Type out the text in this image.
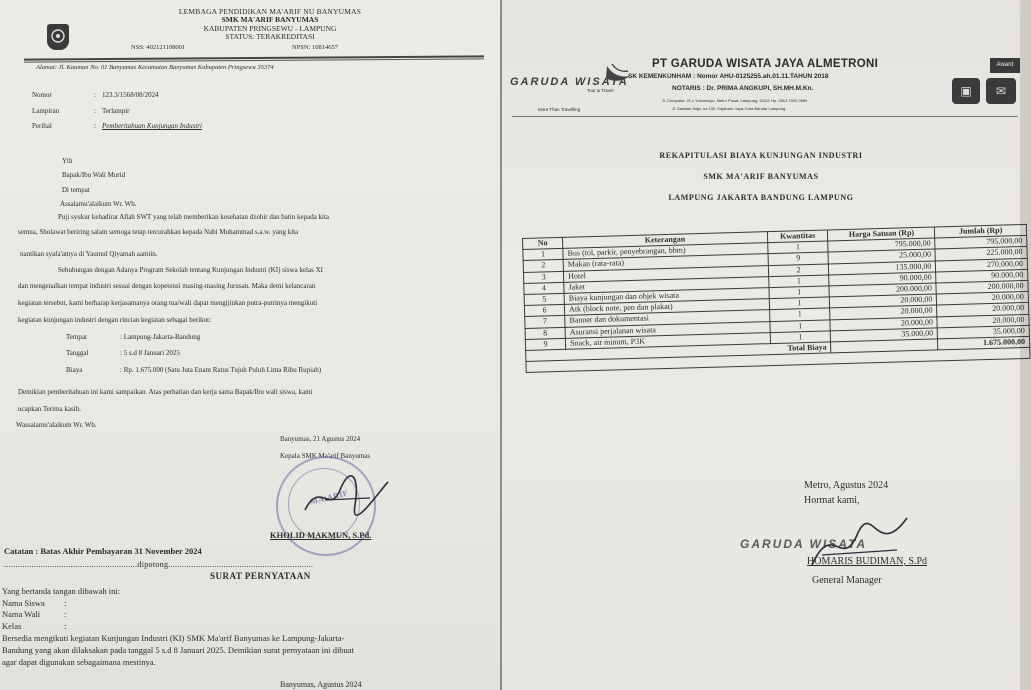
LEMBAGA PENDIDIKAN MA'ARIF NU BANYUMAS
SMK MA'ARIF BANYUMAS
KABUPATEN PRINGSEWU - LAMPUNG
STATUS: TERAKREDITASI
NSS: 402121108001	NPSN: 10814657
Alamat: Jl. Kauman No. 01 Banyumas Kecamatan Banyumas Kabupaten Pringsewu 35374
Nomor	: 123.3/1568/08/2024
Lampiran	: Terlampir
Perihal	: Pemberitahuan Kunjungan Industri
Yth
Bapak/Ibu Wali Murid
Di tempat
Assalamu'alaikum Wr. Wb.
Puji syukur kehadirat Allah SWT yang telah memberikan kesehatan dzohir dan batin kepada kita
semua, Sholawat beriring salam semoga tetap tercurahkan kepada Nabi Muhammad s.a.w. yang kita
nantikan syafa'atnya di Yaumul Qiyamah aamiin.
Sehubungan dengan Adanya Program Sekolah tentang Kunjungan Industri (KI) siswa kelas XI
dan mengenalkan tempat industri sesuai dengan kopetensi masing-masing Jurusan. Maka demi kelancaran
kegiatan tersebut, kami berharap kerjasamanya orang tua/wali dapat mengijinkan putra-putrinya mengikuti
kegiatan kunjungan industri dengan rincian kegiatan sebagai berikut:
Tempat	: Lampung-Jakarta-Bandung
Tanggal	: 5 s.d 8 Januari 2025
Biaya	: Rp. 1.675.000 (Satu Juta Enam Ratus Tujuh Puluh Lima Ribu Rupiah)
Demikian pemberitahuan ini kami sampaikan. Atas perhatian dan kerja sama Bapak/Ibu wali siswa, kami
ucapkan Terima kasih.
Wassalamu'alaikum Wr. Wb.
Banyumas, 21 Agustus 2024
Kepala SMK Ma'arif Banyumas
MA'ARIF
KHOLID MAKMUN, S.Pd.
Catatan : Batas Akhir Pembayaran 31 November 2024
..........................................................dipotong...............................................................
SURAT PERNYATAAN
Yang bertanda tangan dibawah ini:
Nama Siswa :
Nama Wali	:
Kelas	:
Bersedia mengikuti kegiatan Kunjungan Industri (KI) SMK Ma'arif Banyumas ke Lampung-Jakarta-
Bandung yang akan dilaksakan pada tanggal 5 s.d 8 Januari 2025. Demikian surat pernyataan ini dibuat
agar dapat digunakan sebagaimana mestinya.
Banyumas, Agustus 2024
GARUDA WISATA
Tour & Travel
More Than Travelling
PT GARUDA WISATA JAYA ALMETRONI
SK KEMENKUNHAM : Nomor AHU-0125255.ah.01.11.TAHUN 2018
NOTARIS : Dr. PRIMA ANGKUPI, SH.MH.M.Kn.
Jl. Cempaka, 21 c Yosomulyo, Metro Pusat, Lampung, 34111 Hp. 0813 7900 0589
Jl. Sawitan Haju, no 132, Kajabaru Jaya, Kota Bandar Lampung
Award
▣	✉
REKAPITULASI BIAYA KUNJUNGAN INDUSTRI
SMK MA'ARIF BANYUMAS
LAMPUNG JAKARTA BANDUNG LAMPUNG
No	Keterangan	Kwantitas	Harga Satuan (Rp)	Jumlah (Rp)
1	Bus (tol, parkir, penyebrangan, bbm)	1	795.000,00	795.000,00
2	Makan (rata-rata)	9	25.000,00	225.000,00
3	Hotel	2	135.000,00	270.000,00
4	Jaket	1	90.000,00	90.000,00
5	Biaya kunjungan dan objek wisata	1	200.000,00	200.000,00
6	Atk (block note, pen dan plakat)	1	20.000,00	20.000,00
7	Banner dan dokumentasi	1	20.000,00	20.000,00
8	Asuransi perjalanan wisata	1	20.000,00	20.000,00
9	Snack, air minum, P3K	1	35.000,00	35.000,00
Total Biaya				1.675.000,00

Metro, Agustus 2024
Hormat kami,
GARUDA WISATA
HOMARIS BUDIMAN, S.Pd
General Manager
